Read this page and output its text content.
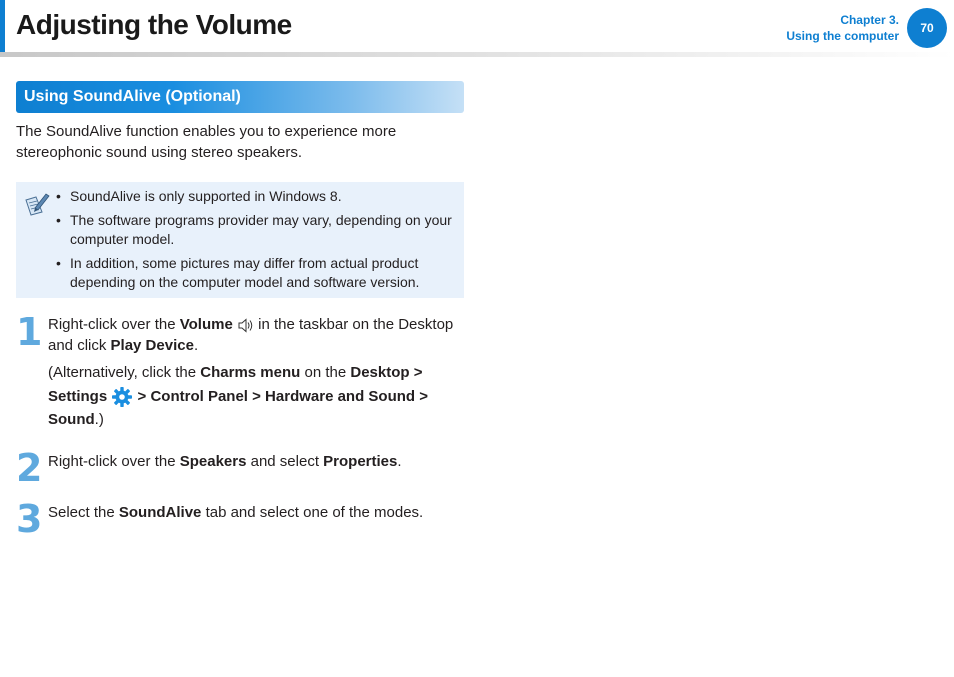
Adjusting the Volume	Chapter 3.
Using the computer
70
Using SoundAlive (Optional)

The SoundAlive function enables you to experience more stereophonic sound using stereo speakers.

• SoundAlive is only supported in Windows 8.
• The software programs provider may vary, depending on your computer model.
• In addition, some pictures may differ from actual product depending on the computer model and software version.
1 Right-click over the Volume  in the taskbar on the Desktop and click Play Device.

(Alternatively, click the Charms menu on the Desktop >
Settings  > Control Panel > Hardware and Sound > Sound.)

2 Right-click over the Speakers and select Properties.

3 Select the SoundAlive tab and select one of the modes.
